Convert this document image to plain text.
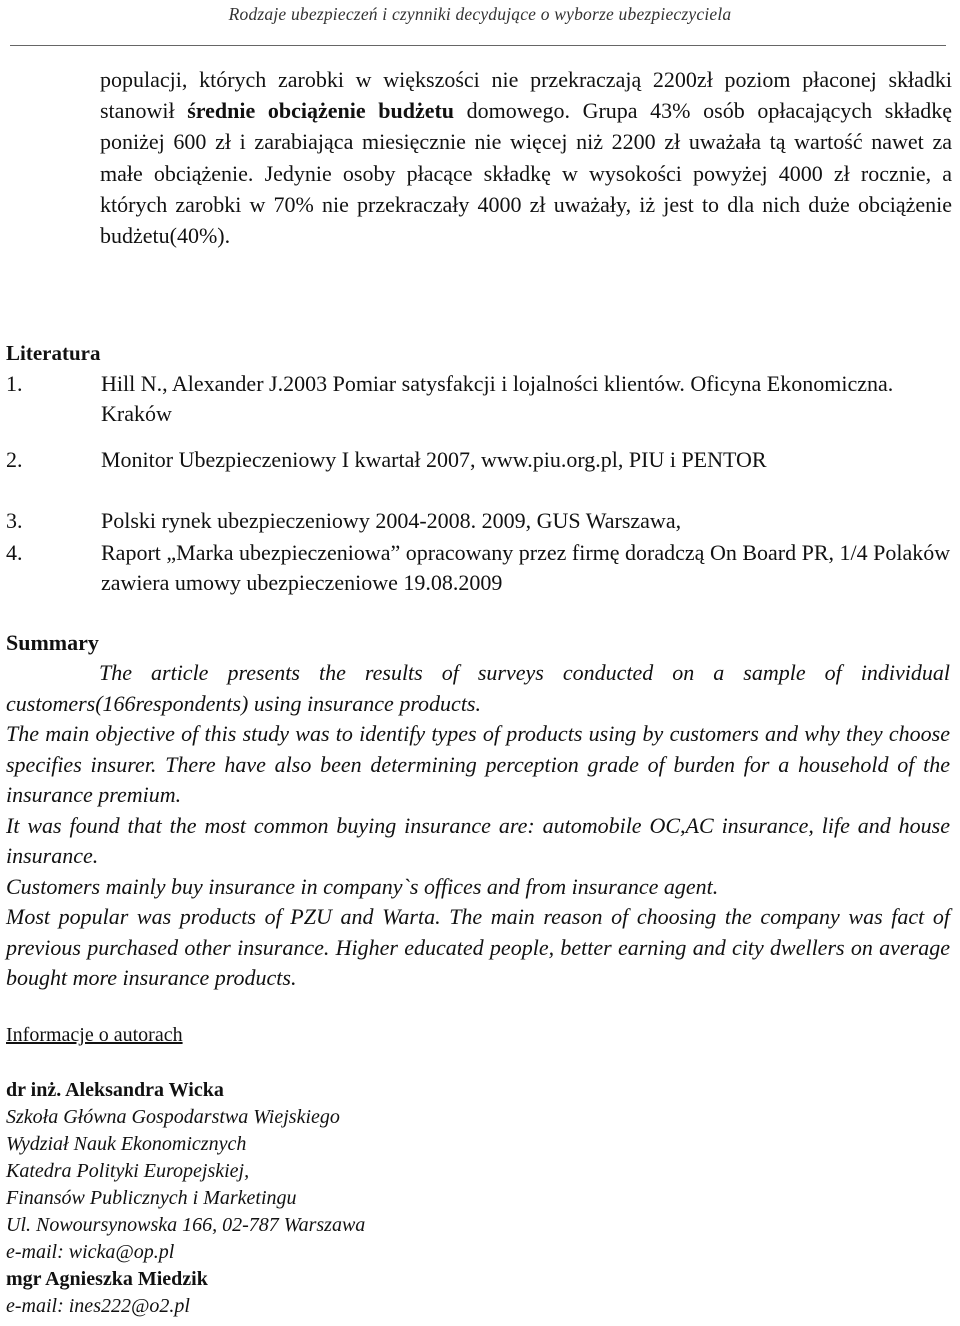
Rodzaje ubezpieczeń i czynniki decydujące o wyborze ubezpieczyciela

populacji, których zarobki w większości nie przekraczają 2200zł poziom płaconej składki stanowił średnie obciążenie budżetu domowego. Grupa 43% osób opłacających składkę poniżej 600 zł i zarabiająca miesięcznie nie więcej niż 2200 zł uważała tą wartość nawet za małe obciążenie. Jedynie osoby płacące składkę w wysokości powyżej 4000 zł rocznie, a których zarobki w 70% nie przekraczały 4000 zł uważały, iż jest to dla nich duże obciążenie budżetu(40%).

Literatura
1.	Hill N., Alexander J.2003 Pomiar satysfakcji i lojalności klientów. Oficyna Ekonomiczna. Kraków
2.	Monitor Ubezpieczeniowy I kwartał 2007, www.piu.org.pl, PIU i PENTOR
3.	Polski rynek ubezpieczeniowy 2004-2008. 2009, GUS Warszawa,
4.	Raport „Marka ubezpieczeniowa” opracowany przez firmę doradczą On Board PR, 1/4 Polaków zawiera umowy ubezpieczeniowe 19.08.2009
Summary

The article presents the results of surveys conducted on a sample of individual customers(166respondents) using insurance products.

The main objective of this study was to identify types of products using by customers and why they choose specifies insurer. There have also been determining perception grade of burden for a household of the insurance premium.

It was found that the most common buying insurance are: automobile OC,AC insurance, life and house insurance.

Customers mainly buy insurance in company`s offices and from insurance agent.

Most popular was products of PZU and Warta. The main reason of choosing the company was fact of previous purchased other insurance. Higher educated people, better earning and city dwellers on average bought more insurance products.

Informacje o autorach
dr inż. Aleksandra Wicka
Szkoła Główna Gospodarstwa Wiejskiego
Wydział Nauk Ekonomicznych
Katedra Polityki Europejskiej,
Finansów Publicznych i Marketingu
Ul. Nowoursynowska 166, 02-787 Warszawa
e-mail: wicka@op.pl
mgr Agnieszka Miedzik
e-mail: ines222@o2.pl
